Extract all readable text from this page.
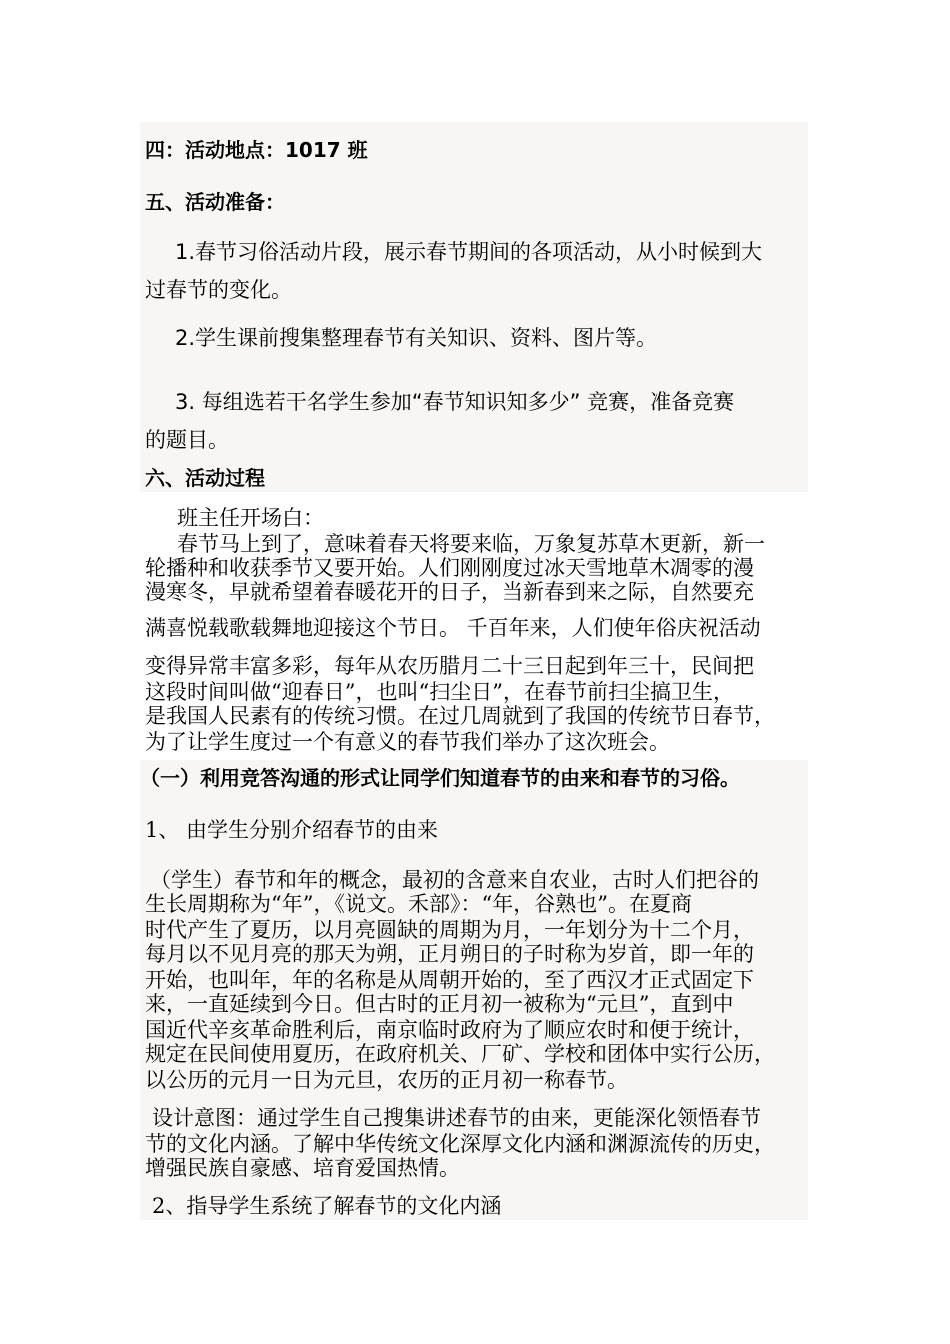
四：活动地点：1017 班
五、活动准备：
1.春节习俗活动片段，展示春节期间的各项活动，从小时候到大
过春节的变化。
2.学生课前搜集整理春节有关知识、资料、图片等。
3. 每组选若干名学生参加“春节知识知多少” 竞赛，准备竞赛
的题目。
六、活动过程
班主任开场白：
春节马上到了，意味着春天将要来临，万象复苏草木更新，新一
轮播种和收获季节又要开始。人们刚刚度过冰天雪地草木凋零的漫
漫寒冬，早就希望着春暖花开的日子，当新春到来之际，自然要充
满喜悦载歌载舞地迎接这个节日。 千百年来，人们使年俗庆祝活动
变得异常丰富多彩，每年从农历腊月二十三日起到年三十，民间把
这段时间叫做“迎春日”，也叫“扫尘日”，在春节前扫尘搞卫生，
是我国人民素有的传统习惯。在过几周就到了我国的传统节日春节，
为了让学生度过一个有意义的春节我们举办了这次班会。
（一）利用竞答沟通的形式让同学们知道春节的由来和春节的习俗。
1、 由学生分别介绍春节的由来
（学生）春节和年的概念，最初的含意来自农业，古时人们把谷的
生长周期称为“年”，《说文。禾部》：“年，谷熟也”。在夏商
时代产生了夏历，以月亮圆缺的周期为月，一年划分为十二个月，
每月以不见月亮的那天为朔，正月朔日的子时称为岁首，即一年的
开始，也叫年，年的名称是从周朝开始的，至了西汉才正式固定下
来，一直延续到今日。但古时的正月初一被称为“元旦”，直到中
国近代辛亥革命胜利后，南京临时政府为了顺应农时和便于统计，
规定在民间使用夏历，在政府机关、厂矿、学校和团体中实行公历，
以公历的元月一日为元旦，农历的正月初一称春节。
设计意图：通过学生自己搜集讲述春节的由来，更能深化领悟春节
节的文化内涵。了解中华传统文化深厚文化内涵和渊源流传的历史，
增强民族自豪感、培育爱国热情。
2、指导学生系统了解春节的文化内涵
